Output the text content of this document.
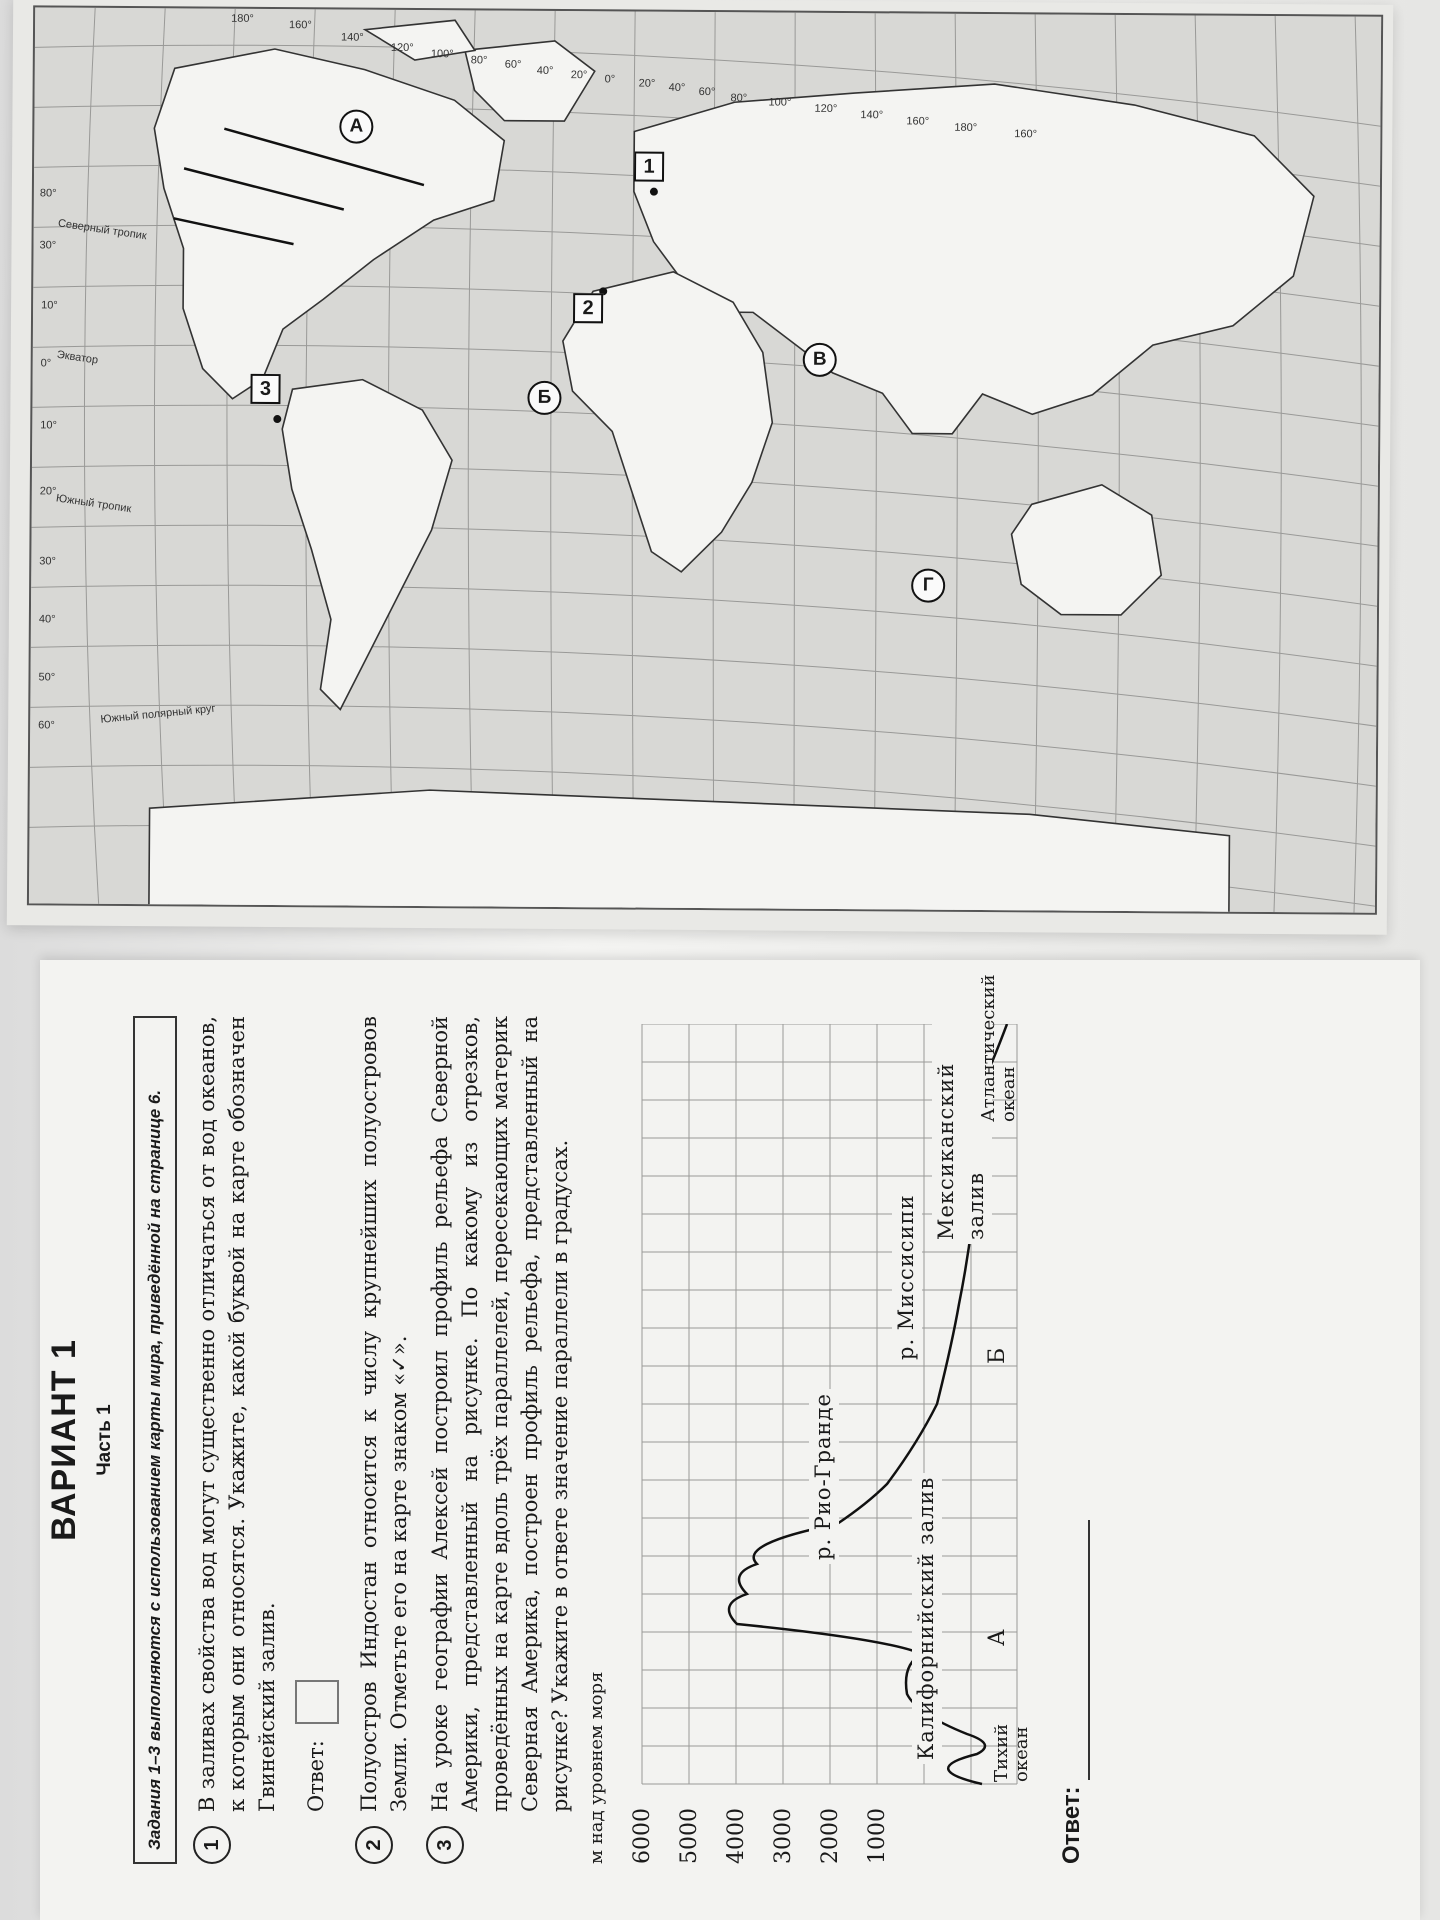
80°
30°
10°
0°
10°
20°
30°
40°
50°
60°
180°
160°
140°
120°
100°
80° 60°
40° 20° 0° 20° 40° 60°
80° 100°
120°
140°
160°
180°
160°
Северный тропик
Экватор
Южный тропик
Южный полярный круг
А
Б
В
Г
1
2
3
ВАРИАНТ 1 Часть 1	Задания 1–3 выполняются с использованием карты мира, приведённой на странице 6.	1
В заливах свойства вод могут существенно отличаться от вод океанов, к которым они относятся. Укажите, какой буквой на карте обозначен Гвинейский залив. Ответ:
2
Полуостров Индостан относится к числу крупнейших полуостровов Земли. Отметьте его на карте знаком «✓».
3
На уроке географии Алексей построил профиль рельефа Северной Америки, представленный на рисунке. По какому из отрезков, проведённых на карте вдоль трёх параллелей, пересекающих материк Северная Америка, построен профиль рельефа, представленный на рисунке? Укажите в ответе значение параллели в градусах. м над уровнем моря 6000 5000 4000 3000 2000 1000
Калифорнийский залив
р. Рио-Гранде
р. Миссисипи
Мексиканский залив
А
Б
Тихий океан
Атлантический океан
Ответ:
